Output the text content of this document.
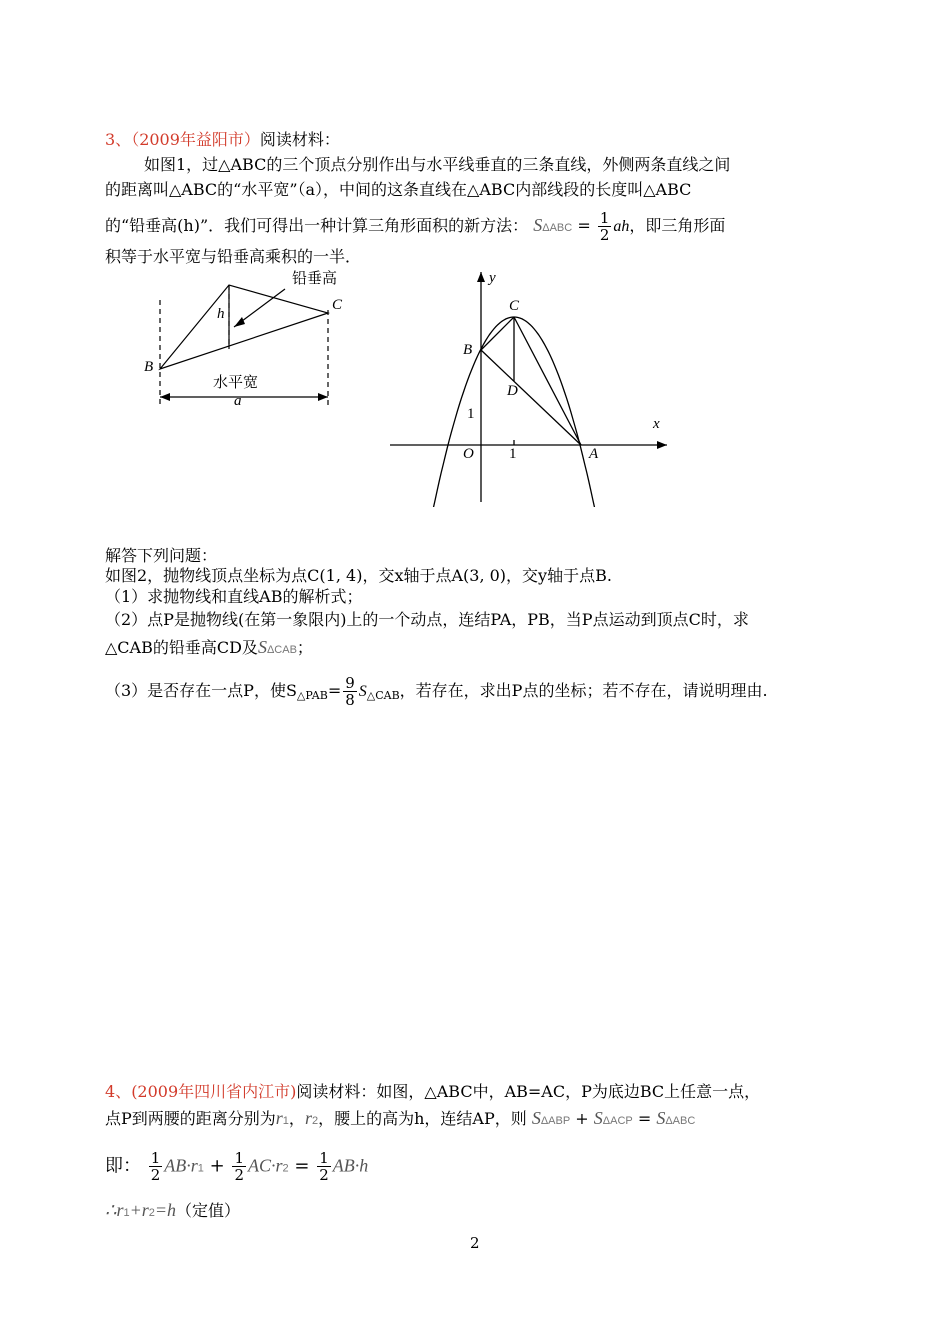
3、（2009年益阳市）阅读材料：
如图1，过△ABC的三个顶点分别作出与水平线垂直的三条直线，外侧两条直线之间
的距离叫△ABC的“水平宽”（a），中间的这条直线在△ABC内部线段的长度叫△ABC
的“铅垂高(h)”．我们可得出一种计算三角形面积的新方法： $S\Delta ABC = \frac{1}{2}$ ah，即三角形面
积等于水平宽与铅垂高乘积的一半．
铅垂高
水平宽
C
B
h
a
x
y
O 1
1
A
B
C
D
解答下列问题：
如图2，抛物线顶点坐标为点C(1, 4)，交x轴于点A(3, 0)，交y轴于点B.
（1）求抛物线和直线AB的解析式；
（2）点P是抛物线(在第一象限内)上的一个动点，连结PA，PB，当P点运动到顶点C时，求
△CAB的铅垂高CD及SΔCAB；
（3）是否存在一点P，使$S_{\triangle PAB}= \frac{9}{8} S_{\triangle CAB}$，若存在，求出P点的坐标；若不存在，请说明理由.
4、(2009年四川省内江市)阅读材料：如图，△ABC中，AB=AC，P为底边BC上任意一点，
点P到两腰的距离分别为r1，r2，腰上的高为h，连结AP，则 SΔABP + SΔACP = SΔABC
即： $\frac{1}{2} AB\cdot r1 + \frac{1}{2} AC\cdot r2 = \frac{1}{2} AB\cdot h$
∴r1+r2=h（定值）
2
